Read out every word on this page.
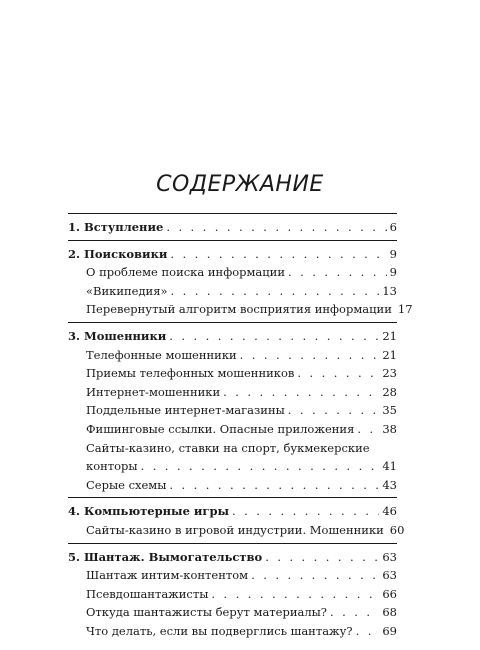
СОДЕРЖАНИЕ
1. Вступление . . .	6
2. Поисковики . . .	9
О проблеме поиска информации . . .	9
«Википедия» . . .	13
Перевернутый алгоритм восприятия информации 17
3. Мошенники . . .	21
Телефонные мошенники . . .	21
Приемы телефонных мошенников . . .	23
Интернет-мошенники . . .	28
Поддельные интернет-магазины . . .	35
Фишинговые ссылки. Опасные приложения . . . 38
Сайты-казино, ставки на спорт, букмекерские
конторы . . .	41
Серые схемы . . .	43
4. Компьютерные игры . . .	46
Сайты-казино в игровой индустрии. Мошенники 60
5. Шантаж. Вымогательство . . .	63
Шантаж интим-контентом . . .	63
Псевдошантажисты . . .	66
Откуда шантажисты берут материалы? . . .	68
Что делать, если вы подверглись шантажу? . . .	69
